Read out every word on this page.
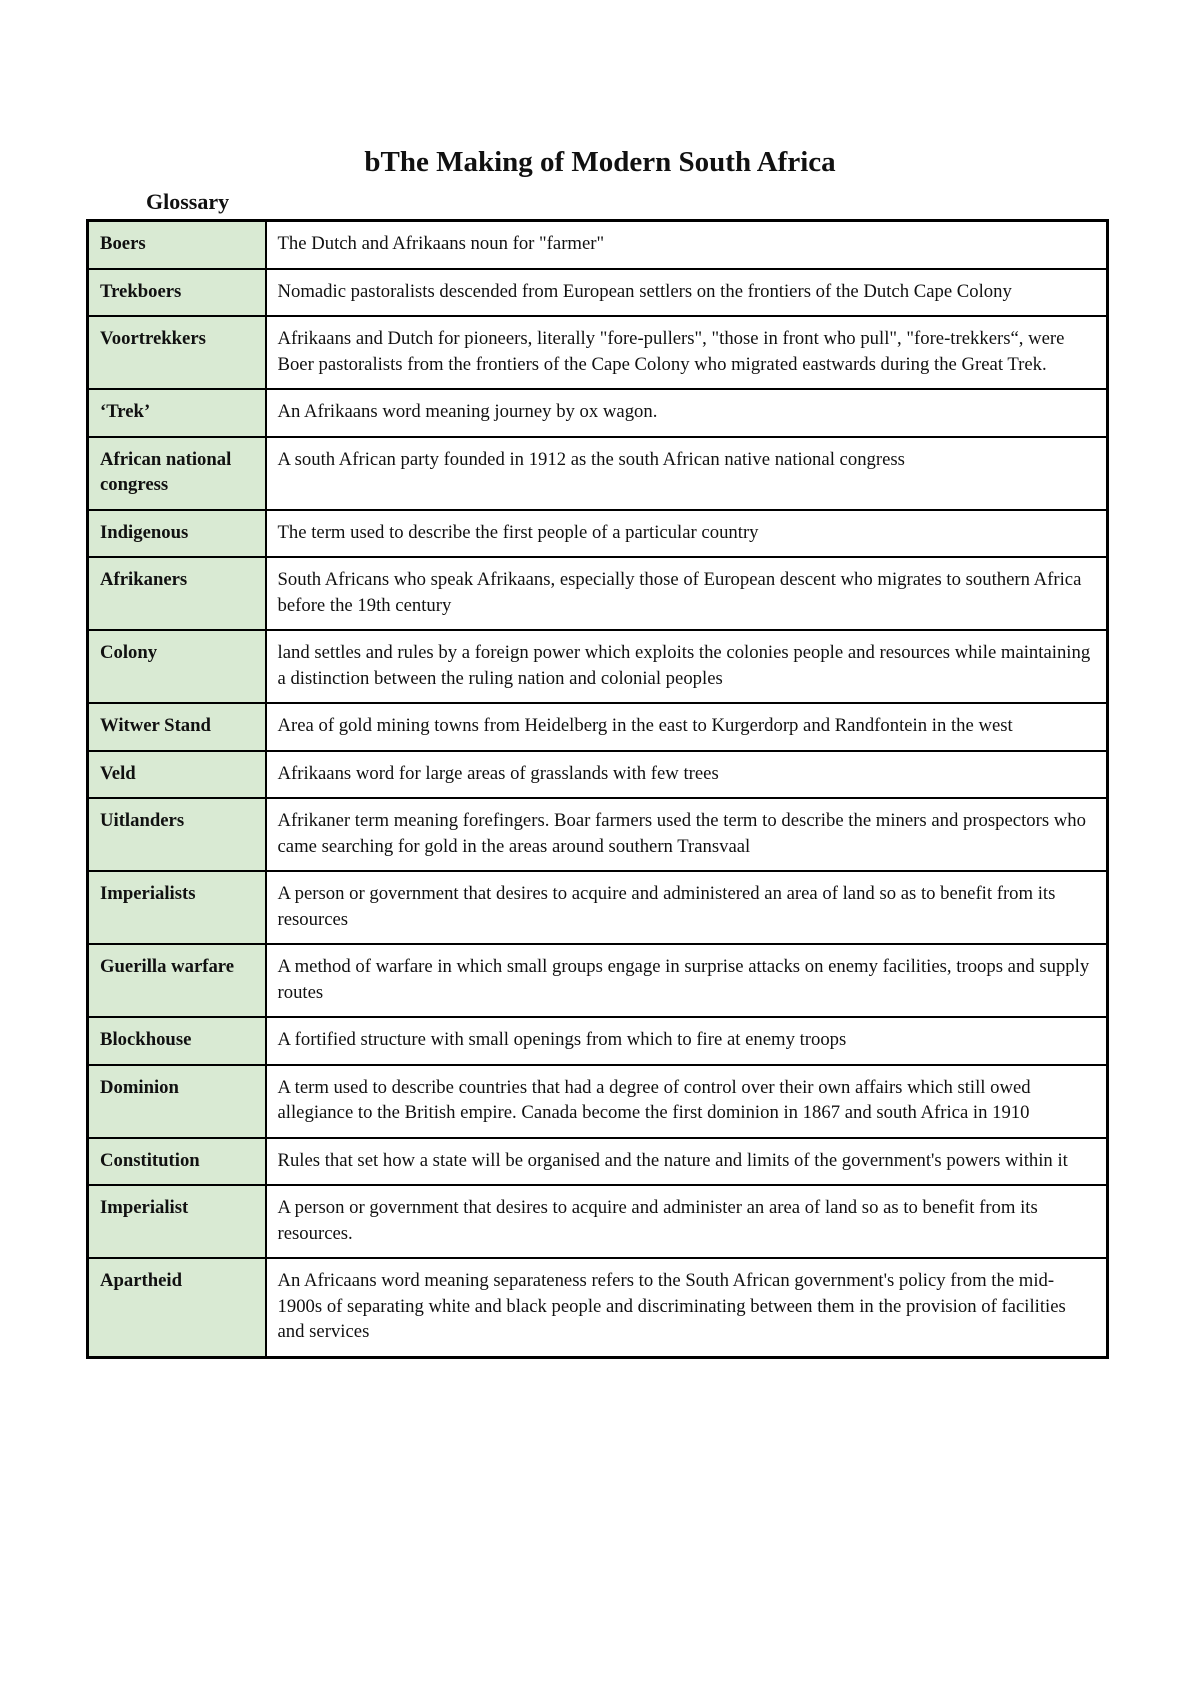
bThe Making of Modern South Africa
Glossary
Boers	The Dutch and Afrikaans noun for "farmer"
Trekboers	Nomadic pastoralists descended from European settlers on the frontiers of the Dutch Cape Colony
Voortrekkers	Afrikaans and Dutch for pioneers, literally "fore-pullers", "those in front who pull", "fore-trekkers“, were Boer pastoralists from the frontiers of the Cape Colony who migrated eastwards during the Great Trek.
‘Trek’	An Afrikaans word meaning journey by ox wagon.
African national congress	A south African party founded in 1912 as the south African native national congress
Indigenous	The term used to describe the first people of a particular country
Afrikaners	South Africans who speak Afrikaans, especially those of European descent who migrates to southern Africa before the 19th century
Colony	land settles and rules by a foreign power which exploits the colonies people and resources while maintaining a distinction between the ruling nation and colonial peoples
Witwer Stand	Area of gold mining towns from Heidelberg in the east to Kurgerdorp and Randfontein in the west
Veld	Afrikaans word for large areas of grasslands with few trees
Uitlanders	Afrikaner term meaning forefingers. Boar farmers used the term to describe the miners and prospectors who came searching for gold in the areas around southern Transvaal
Imperialists	A person or government that desires to acquire and administered an area of land so as to benefit from its resources
Guerilla warfare	A method of warfare in which small groups engage in surprise attacks on enemy facilities, troops and supply routes
Blockhouse	A fortified structure with small openings from which to fire at enemy troops
Dominion	A term used to describe countries that had a degree of control over their own affairs which still owed allegiance to the British empire. Canada become the first dominion in 1867 and south Africa in 1910
Constitution	Rules that set how a state will be organised and the nature and limits of the government's powers within it
Imperialist	A person or government that desires to acquire and administer an area of land so as to benefit from its resources.
Apartheid	An Africaans word meaning separateness refers to the South African government's policy from the mid-1900s of separating white and black people and discriminating between them in the provision of facilities and services
